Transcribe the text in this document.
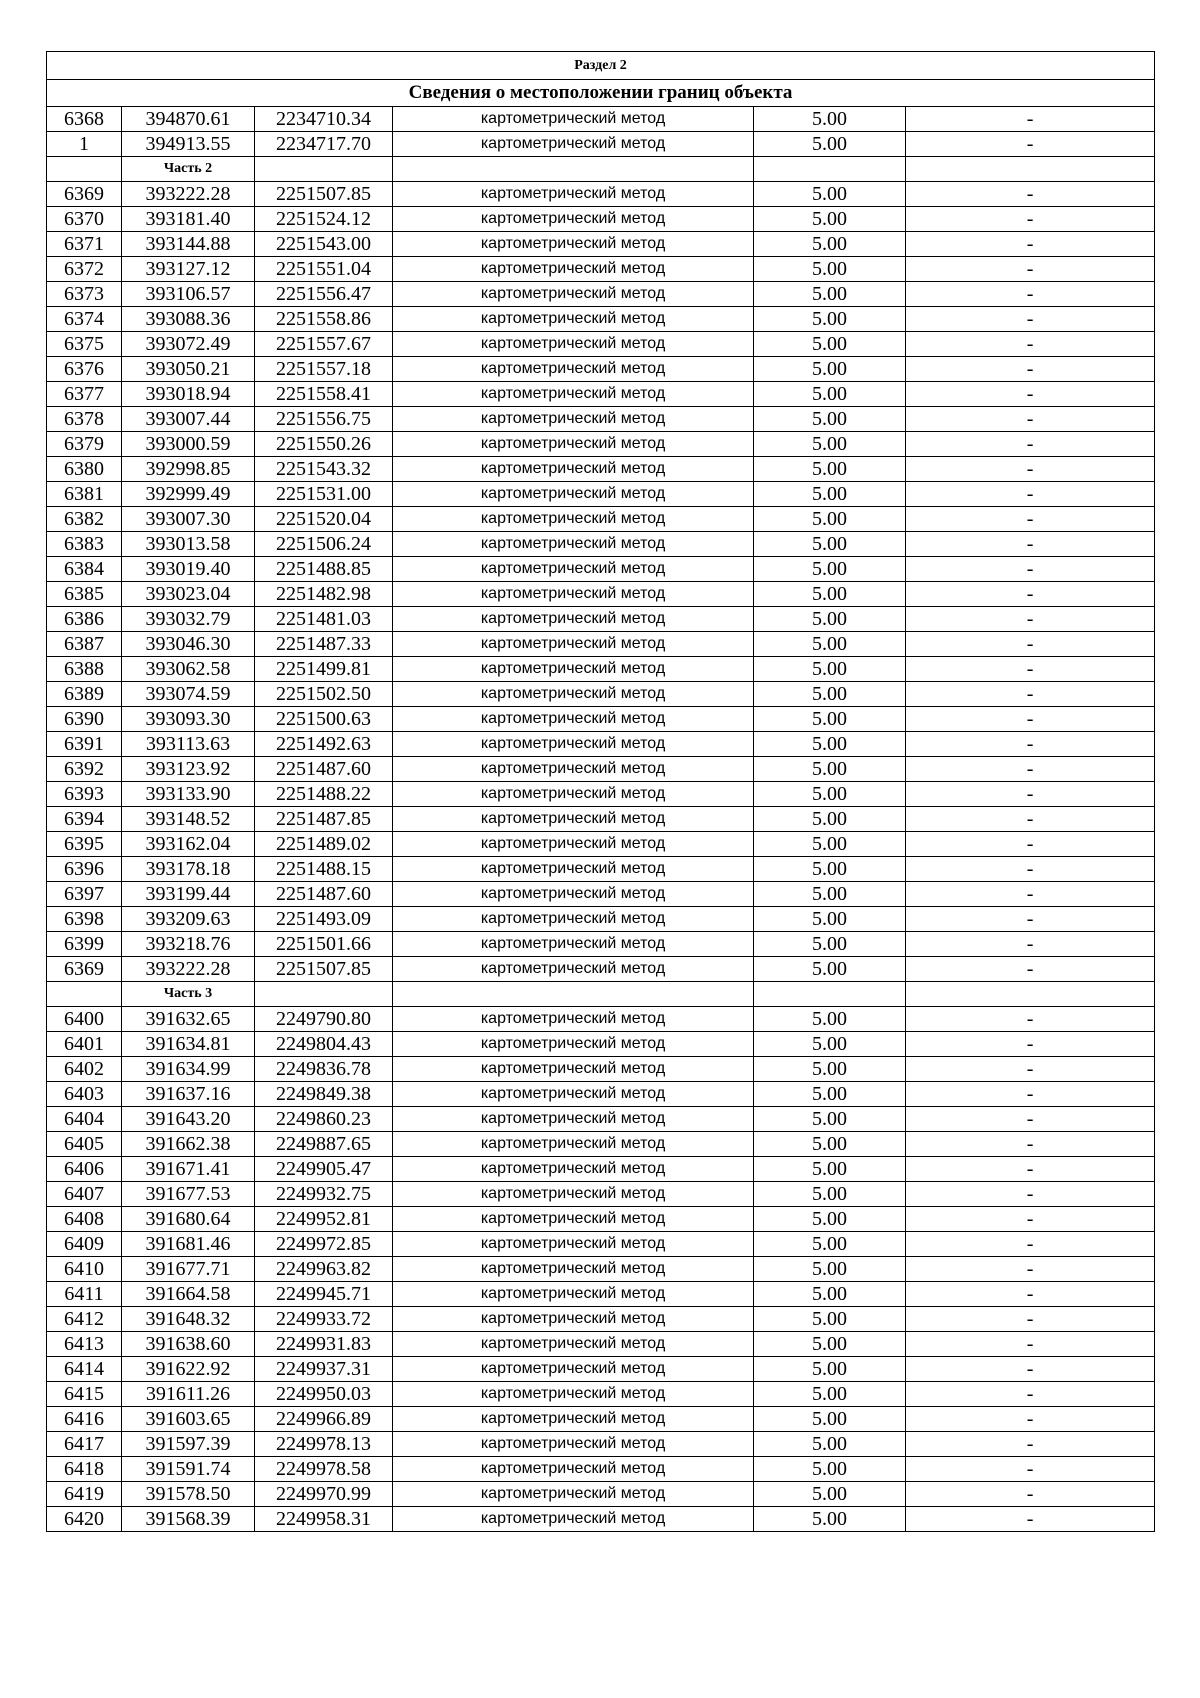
Раздел 2					
Сведения о местоположении границ объекта					
6368	394870.61	2234710.34	картометрический метод	5.00	-
1	394913.55	2234717.70	картометрический метод	5.00	-
	Часть 2				
6369	393222.28	2251507.85	картометрический метод	5.00	-
6370	393181.40	2251524.12	картометрический метод	5.00	-
6371	393144.88	2251543.00	картометрический метод	5.00	-
6372	393127.12	2251551.04	картометрический метод	5.00	-
6373	393106.57	2251556.47	картометрический метод	5.00	-
6374	393088.36	2251558.86	картометрический метод	5.00	-
6375	393072.49	2251557.67	картометрический метод	5.00	-
6376	393050.21	2251557.18	картометрический метод	5.00	-
6377	393018.94	2251558.41	картометрический метод	5.00	-
6378	393007.44	2251556.75	картометрический метод	5.00	-
6379	393000.59	2251550.26	картометрический метод	5.00	-
6380	392998.85	2251543.32	картометрический метод	5.00	-
6381	392999.49	2251531.00	картометрический метод	5.00	-
6382	393007.30	2251520.04	картометрический метод	5.00	-
6383	393013.58	2251506.24	картометрический метод	5.00	-
6384	393019.40	2251488.85	картометрический метод	5.00	-
6385	393023.04	2251482.98	картометрический метод	5.00	-
6386	393032.79	2251481.03	картометрический метод	5.00	-
6387	393046.30	2251487.33	картометрический метод	5.00	-
6388	393062.58	2251499.81	картометрический метод	5.00	-
6389	393074.59	2251502.50	картометрический метод	5.00	-
6390	393093.30	2251500.63	картометрический метод	5.00	-
6391	393113.63	2251492.63	картометрический метод	5.00	-
6392	393123.92	2251487.60	картометрический метод	5.00	-
6393	393133.90	2251488.22	картометрический метод	5.00	-
6394	393148.52	2251487.85	картометрический метод	5.00	-
6395	393162.04	2251489.02	картометрический метод	5.00	-
6396	393178.18	2251488.15	картометрический метод	5.00	-
6397	393199.44	2251487.60	картометрический метод	5.00	-
6398	393209.63	2251493.09	картометрический метод	5.00	-
6399	393218.76	2251501.66	картометрический метод	5.00	-
6369	393222.28	2251507.85	картометрический метод	5.00	-
	Часть 3				
6400	391632.65	2249790.80	картометрический метод	5.00	-
6401	391634.81	2249804.43	картометрический метод	5.00	-
6402	391634.99	2249836.78	картометрический метод	5.00	-
6403	391637.16	2249849.38	картометрический метод	5.00	-
6404	391643.20	2249860.23	картометрический метод	5.00	-
6405	391662.38	2249887.65	картометрический метод	5.00	-
6406	391671.41	2249905.47	картометрический метод	5.00	-
6407	391677.53	2249932.75	картометрический метод	5.00	-
6408	391680.64	2249952.81	картометрический метод	5.00	-
6409	391681.46	2249972.85	картометрический метод	5.00	-
6410	391677.71	2249963.82	картометрический метод	5.00	-
6411	391664.58	2249945.71	картометрический метод	5.00	-
6412	391648.32	2249933.72	картометрический метод	5.00	-
6413	391638.60	2249931.83	картометрический метод	5.00	-
6414	391622.92	2249937.31	картометрический метод	5.00	-
6415	391611.26	2249950.03	картометрический метод	5.00	-
6416	391603.65	2249966.89	картометрический метод	5.00	-
6417	391597.39	2249978.13	картометрический метод	5.00	-
6418	391591.74	2249978.58	картометрический метод	5.00	-
6419	391578.50	2249970.99	картометрический метод	5.00	-
6420	391568.39	2249958.31	картометрический метод	5.00	-
